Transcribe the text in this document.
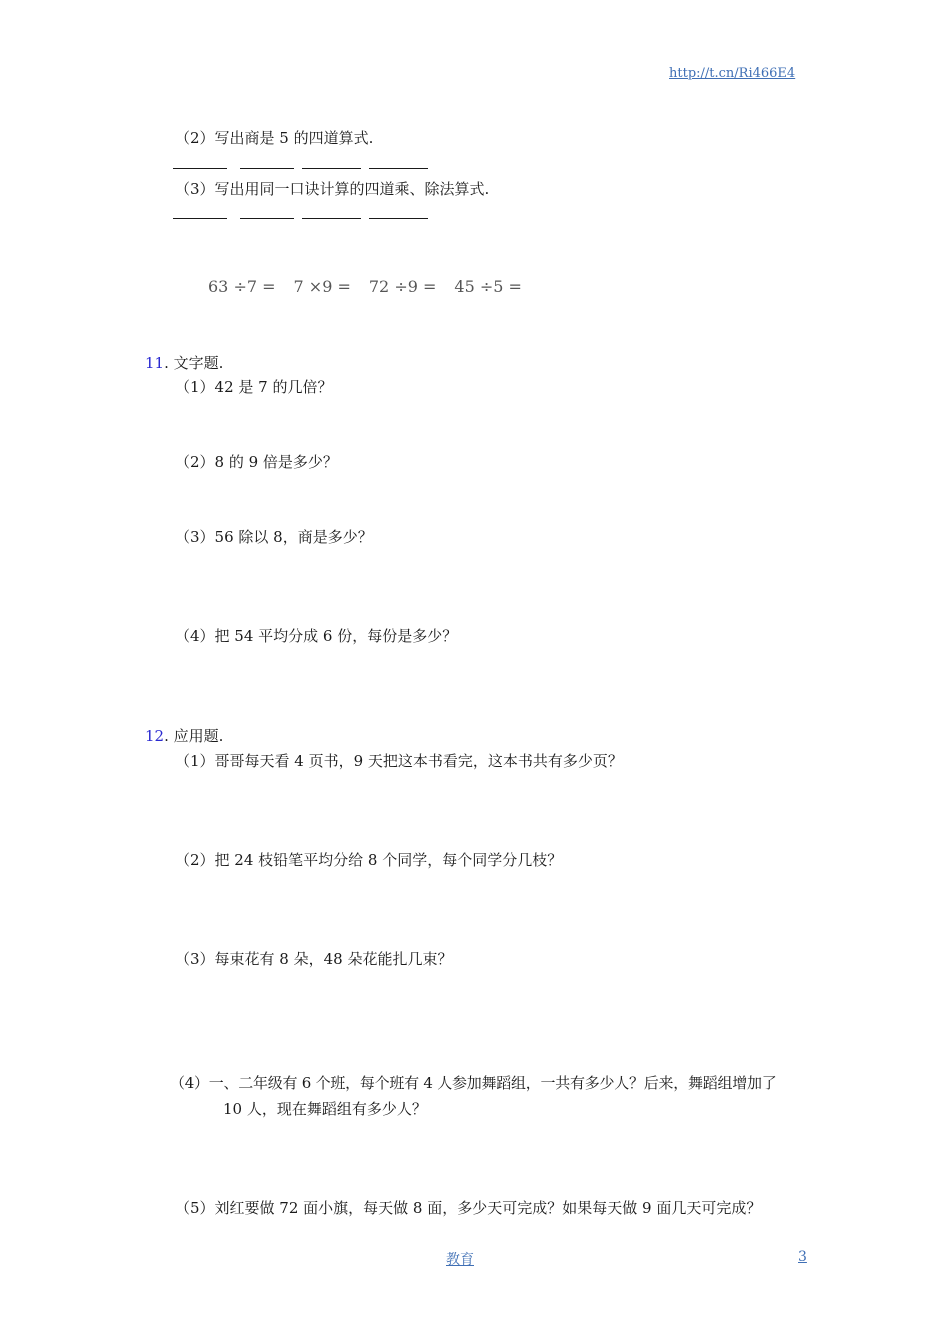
http://t.cn/Ri466E4
（2）写出商是 5 的四道算式.
（3）写出用同一口诀计算的四道乘、除法算式.
63 ÷7 = 7 ×9 = 72 ÷9 = 45 ÷5 =
11. 文字题.
（1）42 是 7 的几倍？
（2）8 的 9 倍是多少？
（3）56 除以 8，商是多少？
（4）把 54 平均分成 6 份，每份是多少？
12. 应用题.
（1）哥哥每天看 4 页书，9 天把这本书看完，这本书共有多少页？
（2）把 24 枝铅笔平均分给 8 个同学，每个同学分几枝？
（3）每束花有 8 朵，48 朵花能扎几束？
（4）一、二年级有 6 个班，每个班有 4 人参加舞蹈组，一共有多少人？后来，舞蹈组增加了
10 人，现在舞蹈组有多少人？
（5）刘红要做 72 面小旗，每天做 8 面，多少天可完成？如果每天做 9 面几天可完成？
教育	3
